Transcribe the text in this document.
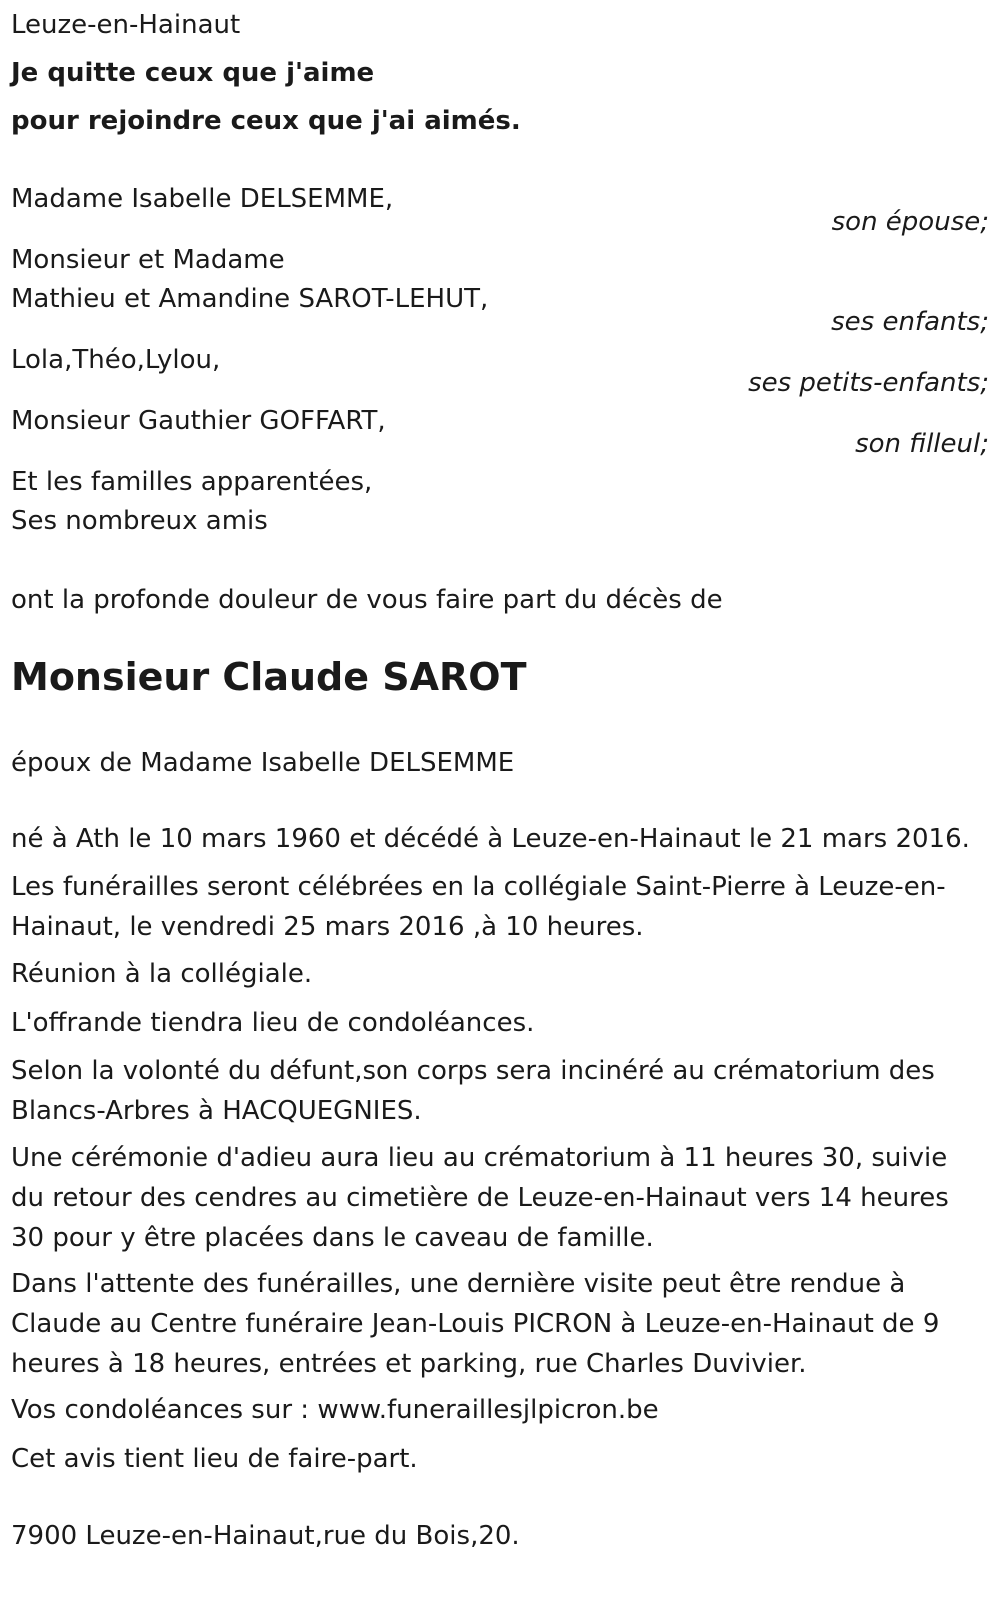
Leuze-en-Hainaut
Je quitte ceux que j'aime
pour rejoindre ceux que j'ai aimés.
Madame Isabelle DELSEMME,
son épouse;
Monsieur et Madame
Mathieu et Amandine SAROT-LEHUT,
ses enfants;
Lola,Théo,Lylou,
ses petits-enfants;
Monsieur Gauthier GOFFART,
son filleul;
Et les familles apparentées,
Ses nombreux amis
ont la profonde douleur de vous faire part du décès de
Monsieur Claude SAROT
époux de Madame Isabelle DELSEMME
né à Ath le 10 mars 1960 et décédé à Leuze-en-Hainaut le 21 mars 2016.
Les funérailles seront célébrées en la collégiale Saint-Pierre à Leuze-en-Hainaut, le vendredi 25 mars 2016 ,à 10 heures.
Réunion à la collégiale.
L'offrande tiendra lieu de condoléances.
Selon la volonté du défunt,son corps sera incinéré au crématorium des Blancs-Arbres à HACQUEGNIES.
Une cérémonie d'adieu aura lieu au crématorium à 11 heures 30, suivie du retour des cendres au cimetière de Leuze-en-Hainaut vers 14 heures 30 pour y être placées dans le caveau de famille.
Dans l'attente des funérailles, une dernière visite peut être rendue à Claude au Centre funéraire Jean-Louis PICRON à Leuze-en-Hainaut de 9 heures à 18 heures, entrées et parking, rue Charles Duvivier.
Vos condoléances sur : www.funeraillesjlpicron.be
Cet avis tient lieu de faire-part.
7900 Leuze-en-Hainaut,rue du Bois,20.
